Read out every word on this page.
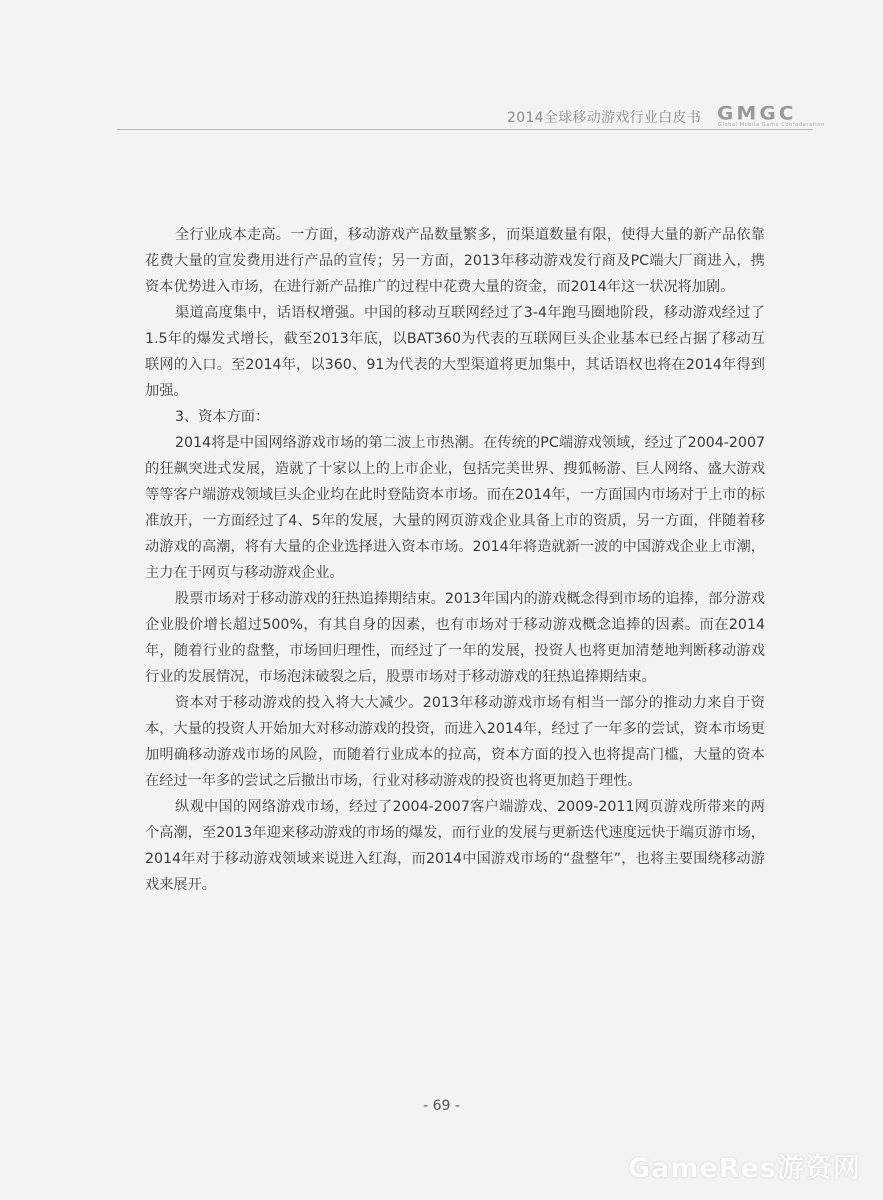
2014全球移动游戏行业白皮书 GMGC
Global Mobile Game Confederation

全行业成本走高。一方面，移动游戏产品数量繁多，而渠道数量有限，使得大量的新产品依靠花费大量的宣发费用进行产品的宣传；另一方面，2013年移动游戏发行商及PC端大厂商进入，携资本优势进入市场，在进行新产品推广的过程中花费大量的资金，而2014年这一状况将加剧。

渠道高度集中，话语权增强。中国的移动互联网经过了3-4年跑马圈地阶段，移动游戏经过了1.5年的爆发式增长，截至2013年底，以BAT360为代表的互联网巨头企业基本已经占据了移动互联网的入口。至2014年，以360、91为代表的大型渠道将更加集中，其话语权也将在2014年得到加强。

3、资本方面：

2014将是中国网络游戏市场的第二波上市热潮。在传统的PC端游戏领域，经过了2004-2007的狂飙突进式发展，造就了十家以上的上市企业，包括完美世界、搜狐畅游、巨人网络、盛大游戏等等客户端游戏领域巨头企业均在此时登陆资本市场。而在2014年，一方面国内市场对于上市的标准放开，一方面经过了4、5年的发展，大量的网页游戏企业具备上市的资质，另一方面，伴随着移动游戏的高潮，将有大量的企业选择进入资本市场。2014年将造就新一波的中国游戏企业上市潮，主力在于网页与移动游戏企业。

股票市场对于移动游戏的狂热追捧期结束。2013年国内的游戏概念得到市场的追捧，部分游戏企业股价增长超过500%，有其自身的因素，也有市场对于移动游戏概念追捧的因素。而在2014年，随着行业的盘整，市场回归理性，而经过了一年的发展，投资人也将更加清楚地判断移动游戏行业的发展情况，市场泡沫破裂之后，股票市场对于移动游戏的狂热追捧期结束。

资本对于移动游戏的投入将大大减少。2013年移动游戏市场有相当一部分的推动力来自于资本，大量的投资人开始加大对移动游戏的投资，而进入2014年，经过了一年多的尝试，资本市场更加明确移动游戏市场的风险，而随着行业成本的拉高，资本方面的投入也将提高门槛，大量的资本在经过一年多的尝试之后撤出市场，行业对移动游戏的投资也将更加趋于理性。

纵观中国的网络游戏市场，经过了2004-2007客户端游戏、2009-2011网页游戏所带来的两个高潮，至2013年迎来移动游戏的市场的爆发，而行业的发展与更新迭代速度远快于端页游市场，2014年对于移动游戏领域来说进入红海，而2014中国游戏市场的“盘整年”，也将主要围绕移动游戏来展开。

- 69 -
GameRes游资网
